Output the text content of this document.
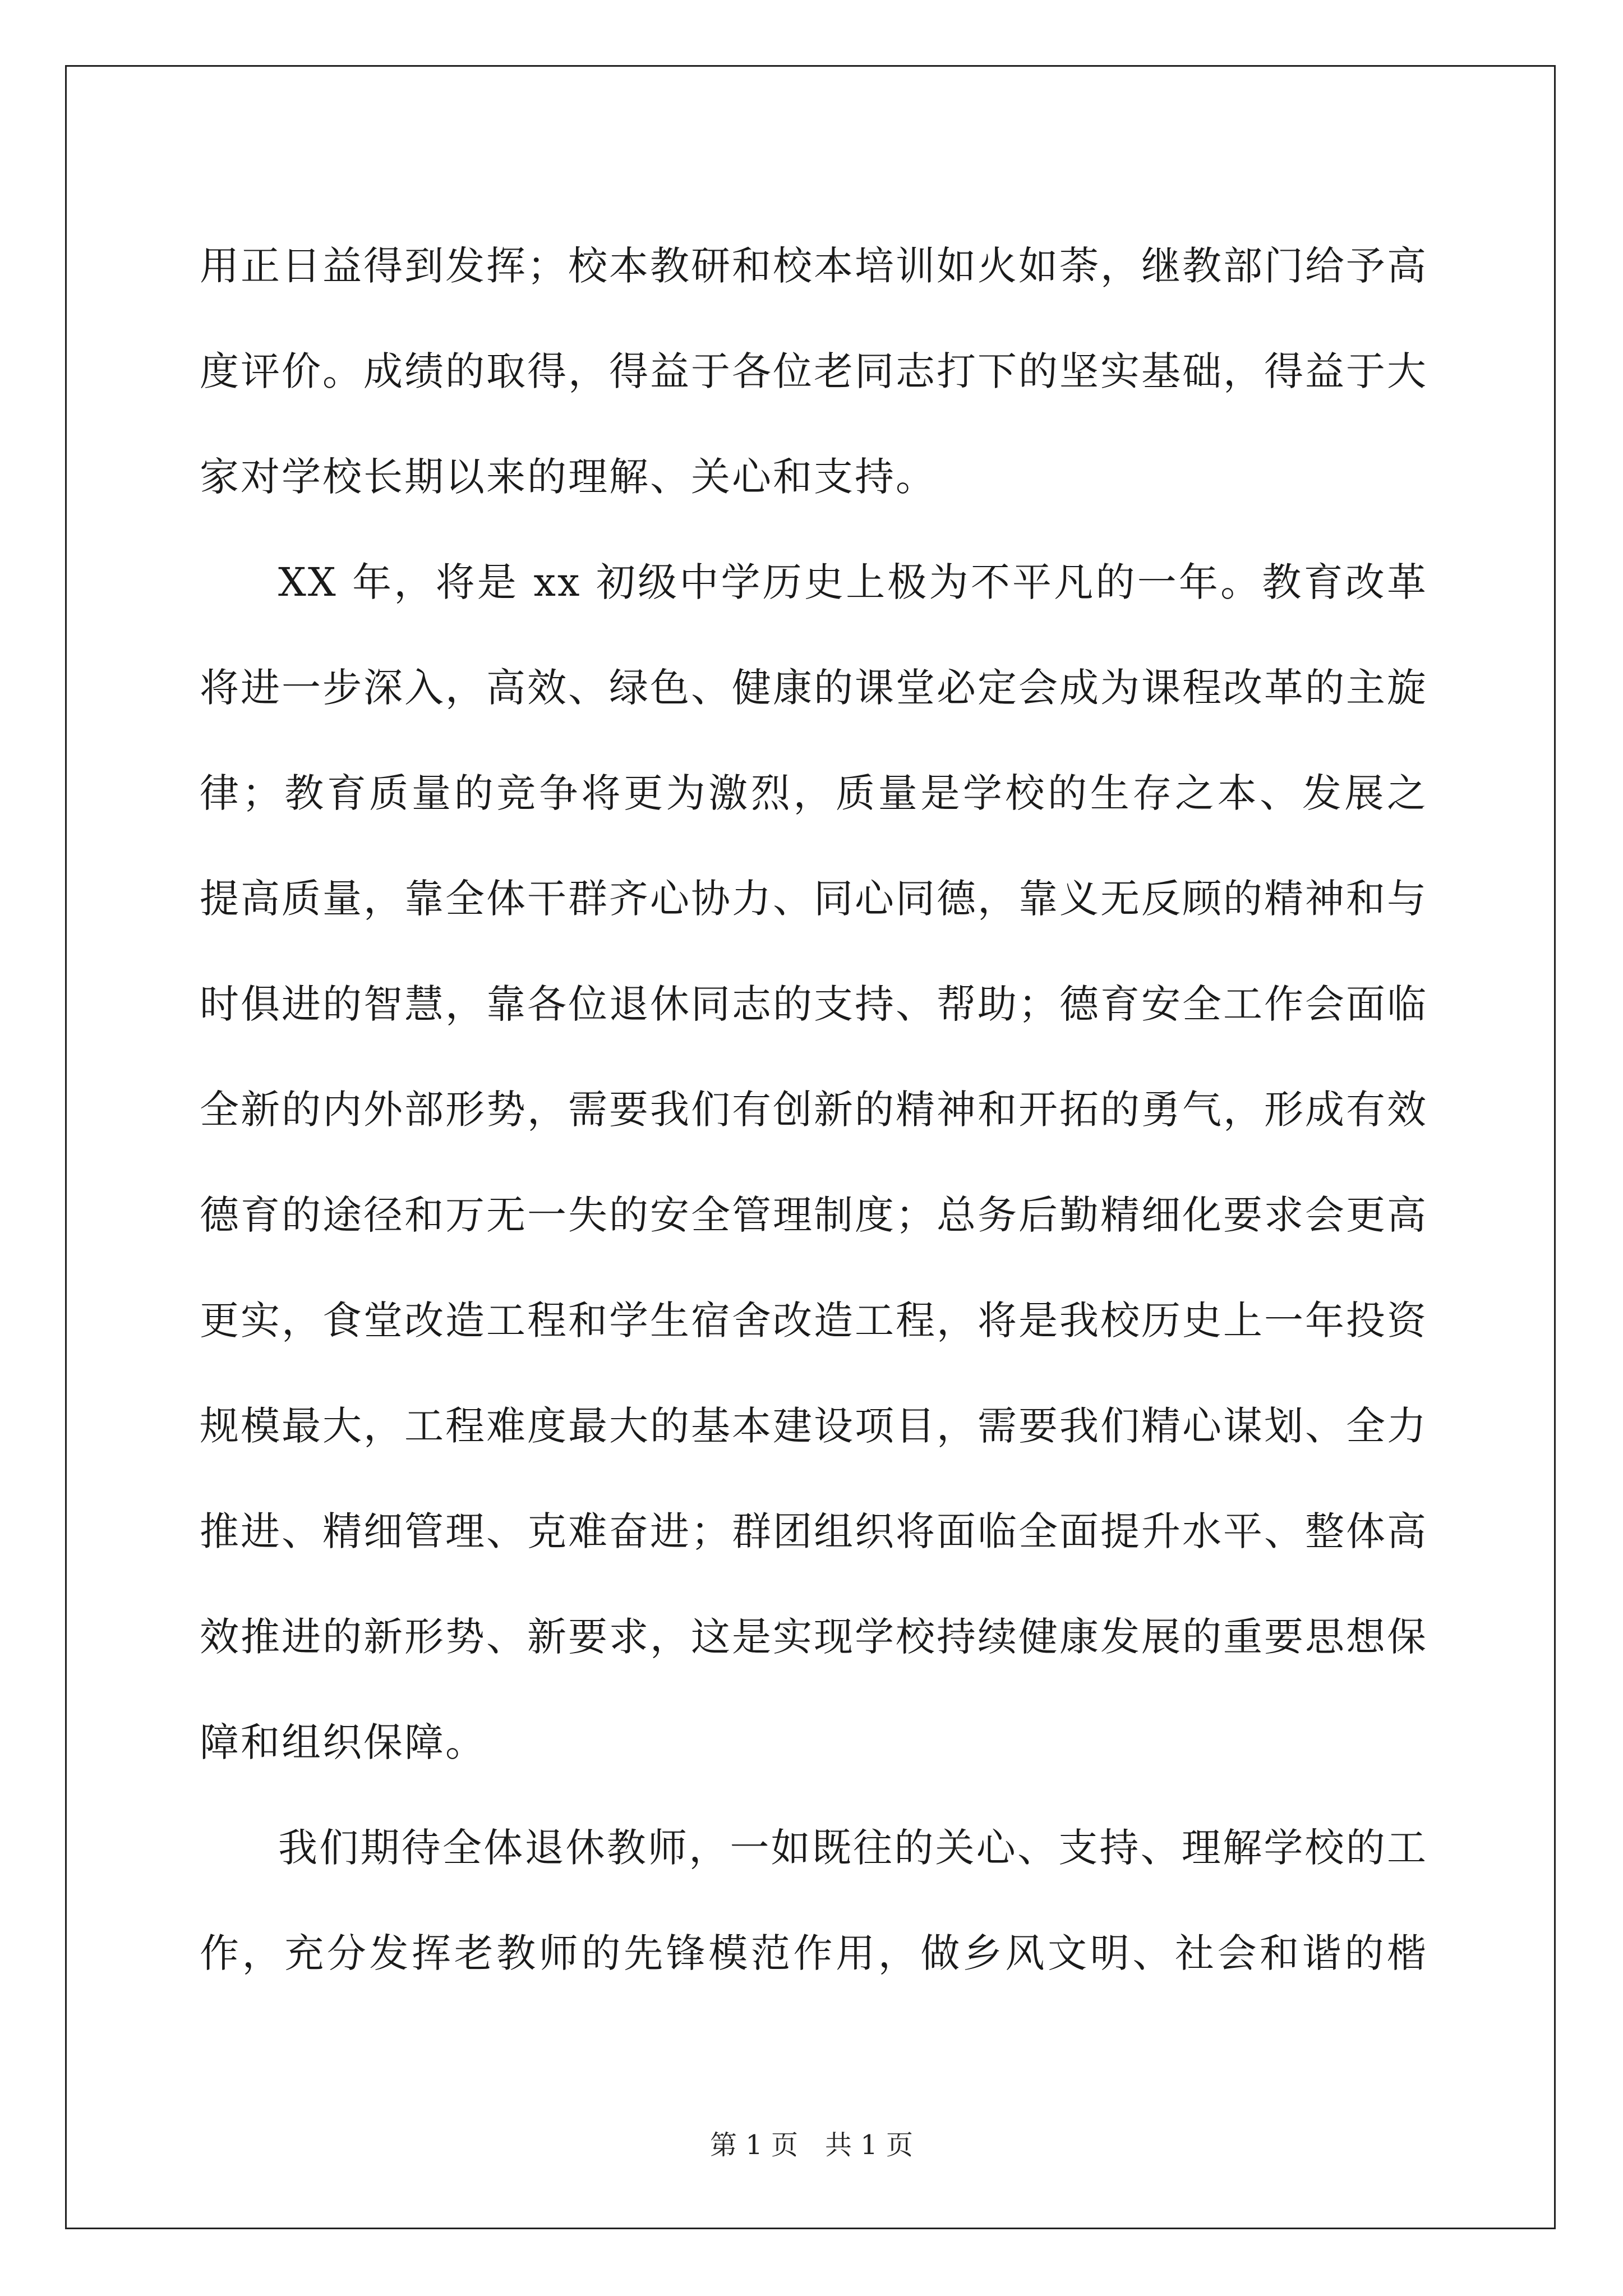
用正日益得到发挥；校本教研和校本培训如火如荼，继教部门给予高
度评价。成绩的取得，得益于各位老同志打下的坚实基础，得益于大
家对学校长期以来的理解、关心和支持。
XX 年，将是 xx 初级中学历史上极为不平凡的一年。教育改革
将进一步深入，高效、绿色、健康的课堂必定会成为课程改革的主旋
律；教育质量的竞争将更为激烈，质量是学校的生存之本、发展之
提高质量，靠全体干群齐心协力、同心同德，靠义无反顾的精神和与
时俱进的智慧，靠各位退休同志的支持、帮助；德育安全工作会面临
全新的内外部形势，需要我们有创新的精神和开拓的勇气，形成有效
德育的途径和万无一失的安全管理制度；总务后勤精细化要求会更高
更实，食堂改造工程和学生宿舍改造工程，将是我校历史上一年投资
规模最大，工程难度最大的基本建设项目，需要我们精心谋划、全力
推进、精细管理、克难奋进；群团组织将面临全面提升水平、整体高
效推进的新形势、新要求，这是实现学校持续健康发展的重要思想保
障和组织保障。
我们期待全体退休教师，一如既往的关心、支持、理解学校的工
作，充分发挥老教师的先锋模范作用，做乡风文明、社会和谐的楷
第 1 页　共 1 页
